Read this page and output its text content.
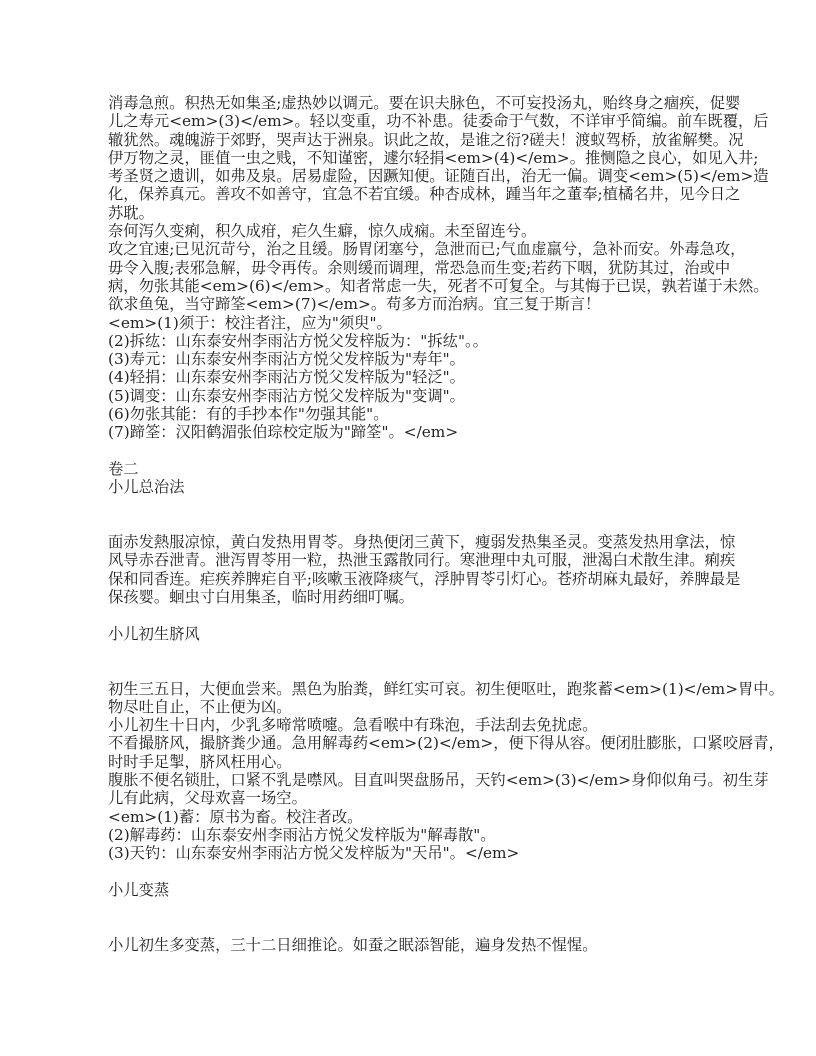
消毒急煎。积热无如集圣;虚热妙以调元。要在识夫脉色，不可妄投汤丸，贻终身之痼疾，促婴
儿之寿元<em>(3)</em>。轻以变重，功不补患。徒委命于气数，不详审乎简编。前车既覆，后
辙犹然。魂魄游于郊野，哭声达于洲泉。识此之故，是谁之衍?磋夫！渡蚁驾桥，放雀解樊。况
伊万物之灵，匪值一虫之贱，不知谨密，遽尔轻捐<em>(4)</em>。推恻隐之良心，如见入井;
考圣贤之遗训，如弗及泉。居易虚险，因蹶知便。证随百出，治无一偏。调变<em>(5)</em>造
化，保养真元。善攻不如善守，宜急不若宜缓。种杏成林，踵当年之董奉;植橘名井，见今日之
苏耽。
奈何泻久变痢，积久成疳，疟久生癖，惊久成痫。未至留连兮。
攻之宜速;已见沉苛兮，治之且缓。肠胃闭塞兮，急泄而已;气血虚羸兮，急补而安。外毒急攻，
毋令入腹;表邪急解，毋令再传。余则缓而调理，常恐急而生变;若药下咽，犹防其过，治或中
病，勿张其能<em>(6)</em>。知者常虑一失，死者不可复全。与其悔于已误，孰若谨于未然。
欲求鱼兔，当守蹄筌<em>(7)</em>。苟多方而治病。宜三复于斯言！
<em>(1)须于：校注者注，应为"须臾"。
(2)拆纮：山东泰安州李雨沾方悦父发梓版为："拆纮"。。
(3)寿元：山东泰安州李雨沾方悦父发梓版为"寿年"。
(4)轻捐：山东泰安州李雨沾方悦父发梓版为"轻泛"。
(5)调变：山东泰安州李雨沾方悦父发梓版为"变调"。
(6)勿张其能：有的手抄本作"勿强其能"。
(7)蹄筌：汉阳鹤湄张伯琮校定版为"蹄筌"。</em>
卷二
小儿总治法
面赤发熱服凉惊，黄白发热用胃苓。身热便闭三黄下，瘦弱发热集圣灵。变蒸发热用拿法，惊
风导赤吞泄青。泄泻胃苓用一粒，热泄玉露散同行。寒泄理中丸可服，泄渴白术散生津。痢疾
保和同香连。疟疾养脾疟自平;咳嗽玉液降痰气，浮肿胃苓引灯心。苍疥胡麻丸最好，养脾最是
保孩婴。蛔虫寸白用集圣，临时用药细叮嘱。
小儿初生脐风
初生三五日，大便血尝来。黑色为胎粪，鲜红实可哀。初生便呕吐，跑浆蓄<em>(1)</em>胃中。
物尽吐自止，不止便为凶。
小儿初生十日内，少乳多啼常喷嚏。急看喉中有珠泡，手法刮去免扰虑。
不看撮脐风，撮脐粪少通。急用解毒药<em>(2)</em>，便下得从容。便闭肚膨胀，口紧咬唇青，
时时手足掣，脐风枉用心。
腹胀不便名锁肚，口紧不乳是噤风。目直叫哭盘肠吊，天钓<em>(3)</em>身仰似角弓。初生芽
儿有此病，父母欢喜一场空。
<em>(1)蓄：原书为畜。校注者改。
(2)解毒药：山东泰安州李雨沾方悦父发梓版为"解毒散"。
(3)天钓：山东泰安州李雨沾方悦父发梓版为"天吊"。</em>
小儿变蒸
小儿初生多变蒸，三十二日细推论。如蚕之眠添智能，遍身发热不惺惺。
